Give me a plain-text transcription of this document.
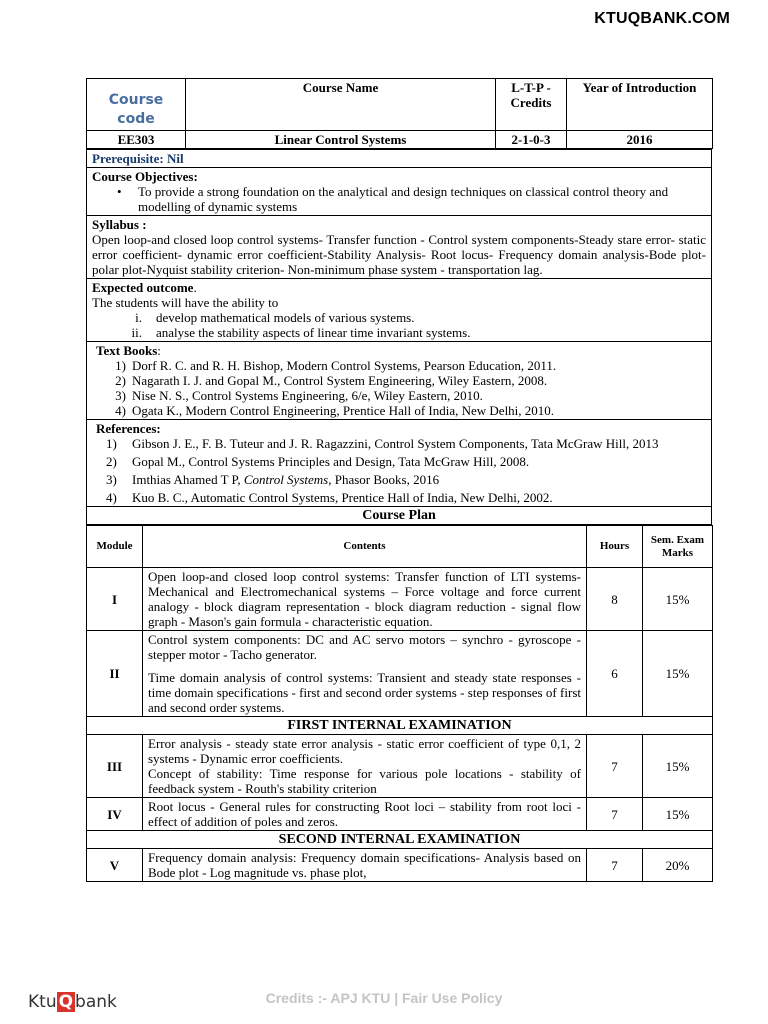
KTUQBANK.COM
Course code	Course Name	L-T-P - Credits	Year of Introduction
EE303	Linear Control Systems	2-1-0-3	2016
Prerequisite: Nil

Course Objectives:
• To provide a strong foundation on the analytical and design techniques on classical control theory and modelling of dynamic systems

Syllabus :
Open loop-and closed loop control systems- Transfer function - Control system components-Steady stare error- static error coefficient- dynamic error coefficient-Stability Analysis- Root locus- Frequency domain analysis-Bode plot-polar plot-Nyquist stability criterion- Non-minimum phase system - transportation lag.

Expected outcome.
The students will have the ability to
i.	develop mathematical models of various systems.
ii.	analyse the stability aspects of linear time invariant systems.

Text Books:
1) Dorf R. C. and R. H. Bishop, Modern Control Systems, Pearson Education, 2011.
2) Nagarath I. J. and Gopal M., Control System Engineering, Wiley Eastern, 2008.
3) Nise N. S., Control Systems Engineering, 6/e, Wiley Eastern, 2010.
4) Ogata K., Modern Control Engineering, Prentice Hall of India, New Delhi, 2010.

References:
1)	Gibson J. E., F. B. Tuteur and J. R. Ragazzini, Control System Components, Tata McGraw Hill, 2013
2)	Gopal M., Control Systems Principles and Design, Tata McGraw Hill, 2008.
3)	Imthias Ahamed T P, Control Systems, Phasor Books, 2016
4)	Kuo B. C., Automatic Control Systems, Prentice Hall of India, New Delhi, 2002.

Course Plan
Module	Contents	Hours	Sem. Exam Marks
I	Open loop-and closed loop control systems: Transfer function of LTI systems-Mechanical and Electromechanical systems – Force voltage and force current analogy - block diagram representation - block diagram reduction - signal flow graph - Mason's gain formula - characteristic equation.	8	15%
II	Control system components: DC and AC servo motors – synchro - gyroscope - stepper motor - Tacho generator.
Time domain analysis of control systems: Transient and steady state responses - time domain specifications - first and second order systems - step responses of first and second order systems.	6	15%
FIRST INTERNAL EXAMINATION			
III	Error analysis - steady state error analysis - static error coefficient of type 0,1, 2 systems - Dynamic error coefficients.
Concept of stability: Time response for various pole locations - stability of feedback system - Routh's stability criterion	7	15%
IV	Root locus - General rules for constructing Root loci – stability from root loci - effect of addition of poles and zeros.	7	15%
SECOND INTERNAL EXAMINATION			
V	Frequency domain analysis: Frequency domain specifications- Analysis based on Bode plot - Log magnitude vs. phase plot,	7	20%
Credits :- APJ KTU | Fair Use Policy
Ktu Q bank
